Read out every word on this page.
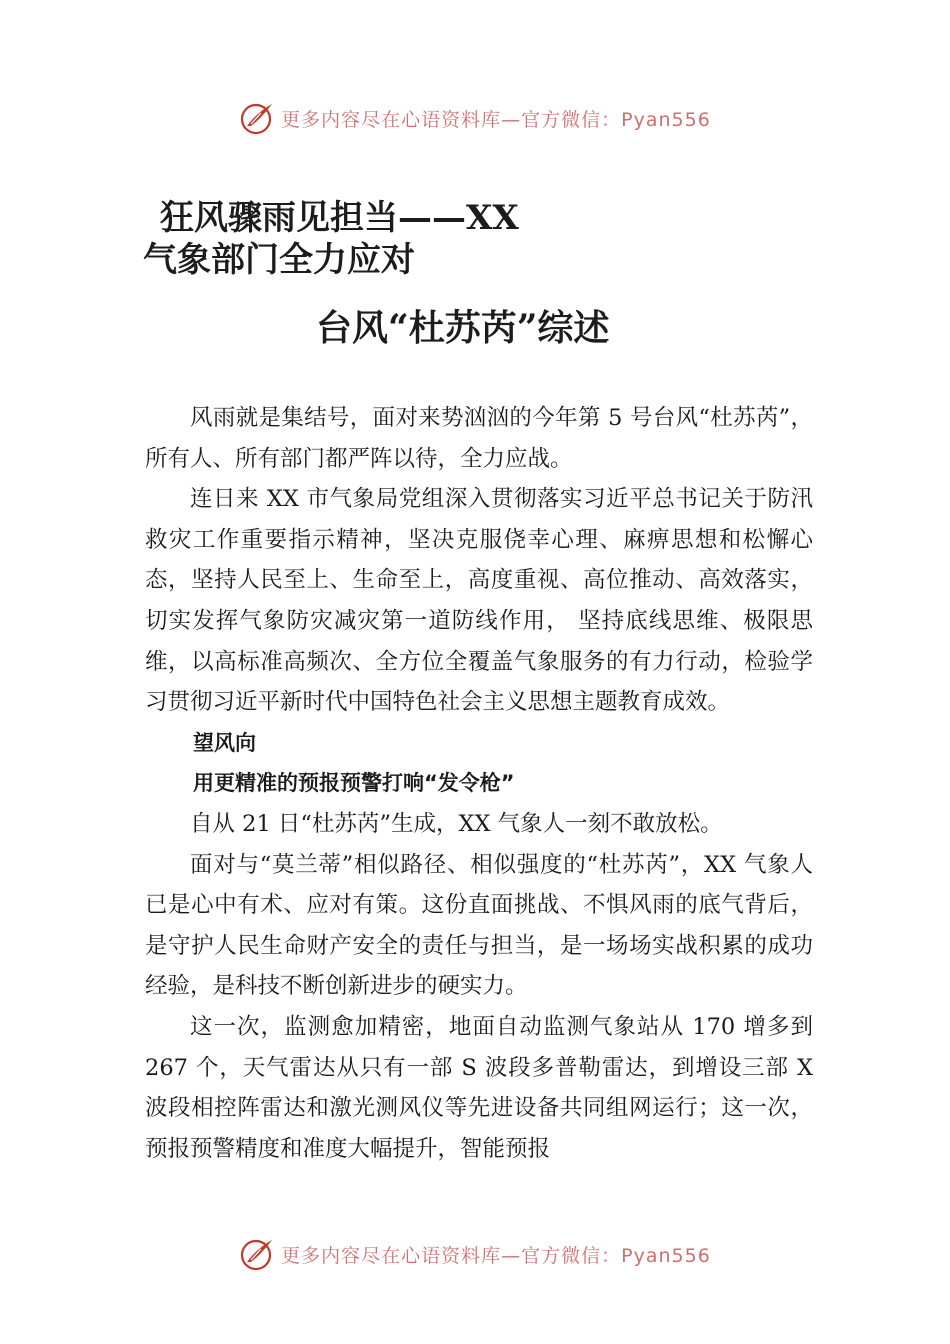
更多内容尽在心语资料库—官方微信：Pyan556
狂风骤雨见担当——XX
气象部门全力应对
台风“杜苏芮”综述

风雨就是集结号，面对来势汹汹的今年第 5 号台风“杜苏芮”，所有人、所有部门都严阵以待，全力应战。

连日来 XX 市气象局党组深入贯彻落实习近平总书记关于防汛救灾工作重要指示精神，坚决克服侥幸心理、麻痹思想和松懈心态，坚持人民至上、生命至上，高度重视、高位推动、高效落实，切实发挥气象防灾减灾第一道防线作用， 坚持底线思维、极限思维，以高标准高频次、全方位全覆盖气象服务的有力行动，检验学习贯彻习近平新时代中国特色社会主义思想主题教育成效。

望风向
用更精准的预报预警打响“发令枪”

自从 21 日“杜苏芮”生成，XX 气象人一刻不敢放松。

面对与“莫兰蒂”相似路径、相似强度的“杜苏芮”，XX 气象人已是心中有术、应对有策。这份直面挑战、不惧风雨的底气背后，是守护人民生命财产安全的责任与担当，是一场场实战积累的成功经验，是科技不断创新进步的硬实力。

这一次，监测愈加精密，地面自动监测气象站从 170 增多到 267 个，天气雷达从只有一部 S 波段多普勒雷达，到增设三部 X 波段相控阵雷达和激光测风仪等先进设备共同组网运行；这一次，预报预警精度和准度大幅提升，智能预报

更多内容尽在心语资料库—官方微信：Pyan556
